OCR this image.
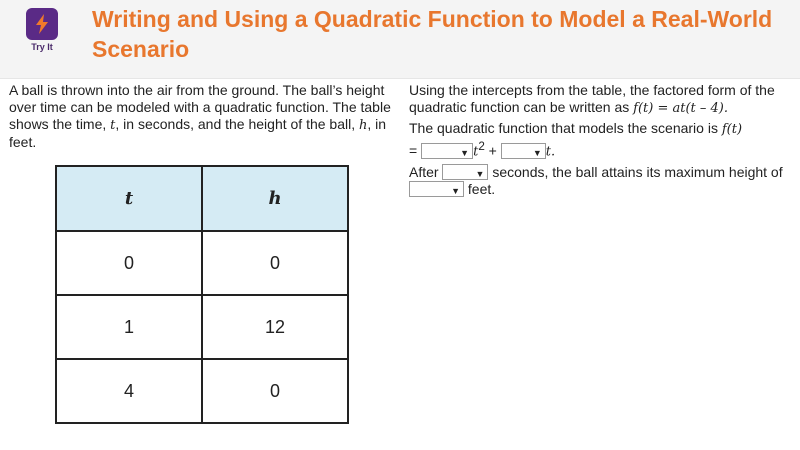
Try It
Writing and Using a Quadratic Function to Model a Real-World Scenario
A ball is thrown into the air from the ground. The ball’s height over time can be modeled with a quadratic function. The table shows the time, t, in seconds, and the height of the ball, h, in feet.
t	h
0	0
1	12
4	0

Using the intercepts from the table, the factored form of the quadratic function can be written as f(t) = at(t – 4).

The quadratic function that models the scenario is f(t)
=	▼ $t^2$ +	▼ t.

After	▼ seconds, the ball attains its maximum height of
▼ feet.
